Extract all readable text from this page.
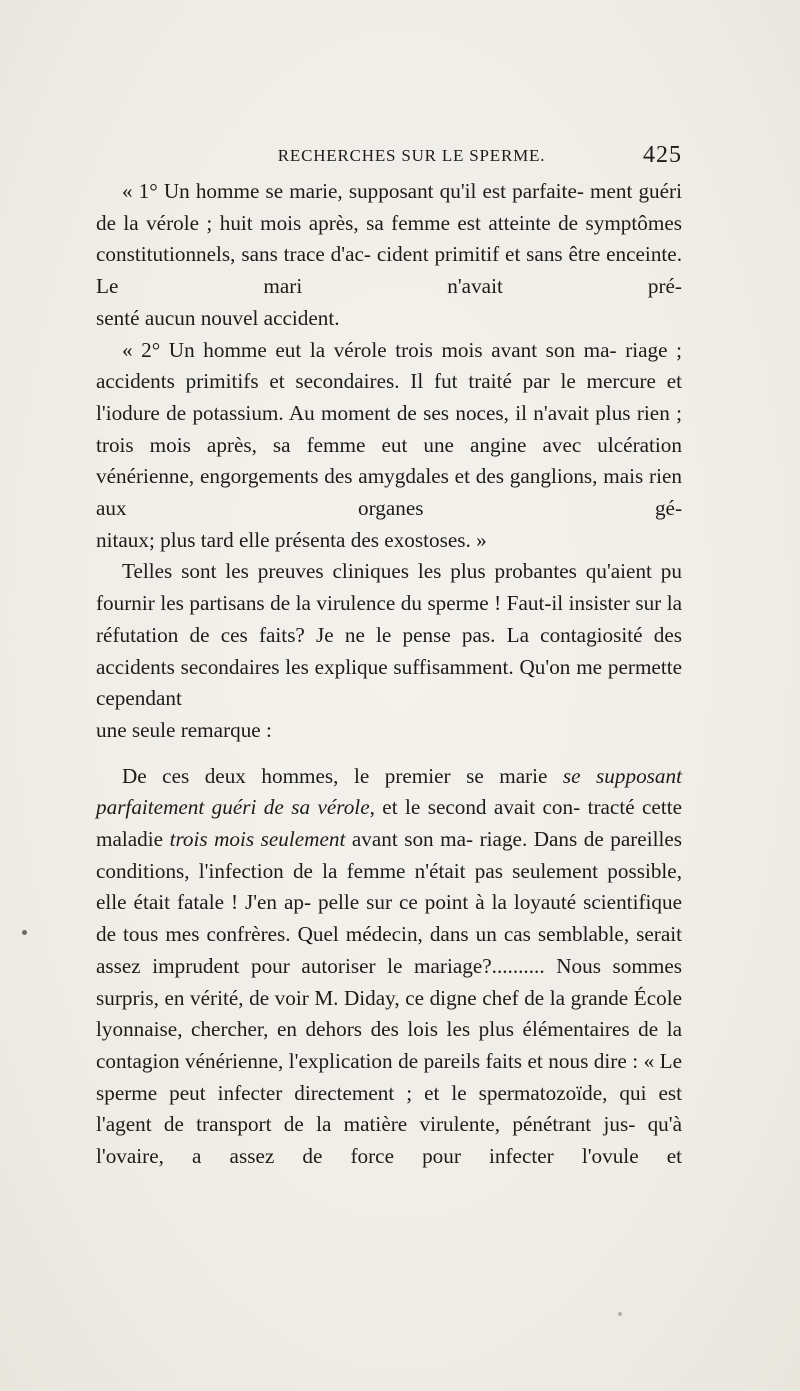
RECHERCHES SUR LE SPERME.	425

« 1° Un homme se marie, supposant qu'il est parfaite- ment guéri de la vérole ; huit mois après, sa femme est atteinte de symptômes constitutionnels, sans trace d'ac- cident primitif et sans être enceinte. Le mari n'avait pré-

senté aucun nouvel accident.

« 2° Un homme eut la vérole trois mois avant son ma- riage ; accidents primitifs et secondaires. Il fut traité par le mercure et l'iodure de potassium. Au moment de ses noces, il n'avait plus rien ; trois mois après, sa femme eut une angine avec ulcération vénérienne, engorgements des amygdales et des ganglions, mais rien aux organes gé-

nitaux; plus tard elle présenta des exostoses. »

Telles sont les preuves cliniques les plus probantes qu'aient pu fournir les partisans de la virulence du sperme ! Faut-il insister sur la réfutation de ces faits? Je ne le pense pas. La contagiosité des accidents secondaires les explique suffisamment. Qu'on me permette cependant

une seule remarque :

De ces deux hommes, le premier se marie se supposant parfaitement guéri de sa vérole, et le second avait con- tracté cette maladie trois mois seulement avant son ma- riage. Dans de pareilles conditions, l'infection de la femme n'était pas seulement possible, elle était fatale ! J'en ap- pelle sur ce point à la loyauté scientifique de tous mes confrères. Quel médecin, dans un cas semblable, serait assez imprudent pour autoriser le mariage?.......... Nous sommes surpris, en vérité, de voir M. Diday, ce digne chef de la grande École lyonnaise, chercher, en dehors des lois les plus élémentaires de la contagion vénérienne, l'explication de pareils faits et nous dire : « Le sperme peut infecter directement ; et le spermatozoïde, qui est l'agent de transport de la matière virulente, pénétrant jus- qu'à l'ovaire, a assez de force pour infecter l'ovule et
